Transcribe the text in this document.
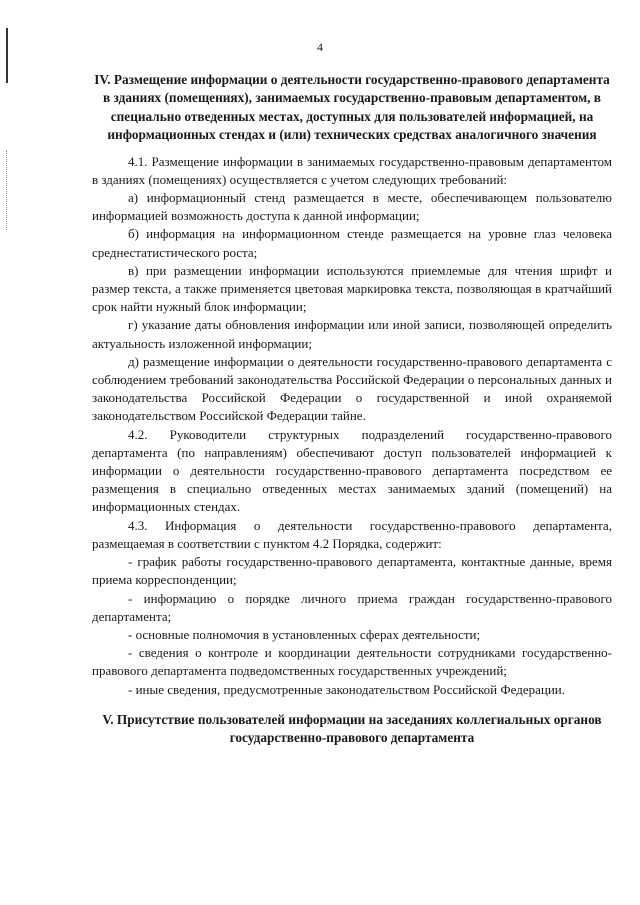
4
IV. Размещение информации о деятельности государственно-правового департамента в зданиях (помещениях), занимаемых государственно-правовым департаментом, в специально отведенных местах, доступных для пользователей информацией, на информационных стендах и (или) технических средствах аналогичного значения

4.1. Размещение информации в занимаемых государственно-правовым департаментом в зданиях (помещениях) осуществляется с учетом следующих требований:

а) информационный стенд размещается в месте, обеспечивающем пользователю информацией возможность доступа к данной информации;

б) информация на информационном стенде размещается на уровне глаз человека среднестатистического роста;

в) при размещении информации используются приемлемые для чтения шрифт и размер текста, а также применяется цветовая маркировка текста, позволяющая в кратчайший срок найти нужный блок информации;

г) указание даты обновления информации или иной записи, позволяющей определить актуальность изложенной информации;

д) размещение информации о деятельности государственно-правового департамента с соблюдением требований законодательства Российской Федерации о персональных данных и законодательства Российской Федерации о государственной и иной охраняемой законодательством Российской Федерации тайне.

4.2. Руководители структурных подразделений государственно-правового департамента (по направлениям) обеспечивают доступ пользователей информацией к информации о деятельности государственно-правового департамента посредством ее размещения в специально отведенных местах занимаемых зданий (помещений) на информационных стендах.

4.3. Информация о деятельности государственно-правового департамента, размещаемая в соответствии с пунктом 4.2 Порядка, содержит:

- график работы государственно-правового департамента, контактные данные, время приема корреспонденции;

- информацию о порядке личного приема граждан государственно-правового департамента;

- основные полномочия в установленных сферах деятельности;

- сведения о контроле и координации деятельности сотрудниками государственно-правового департамента подведомственных государственных учреждений;

- иные сведения, предусмотренные законодательством Российской Федерации.

V. Присутствие пользователей информации на заседаниях коллегиальных органов государственно-правового департамента
